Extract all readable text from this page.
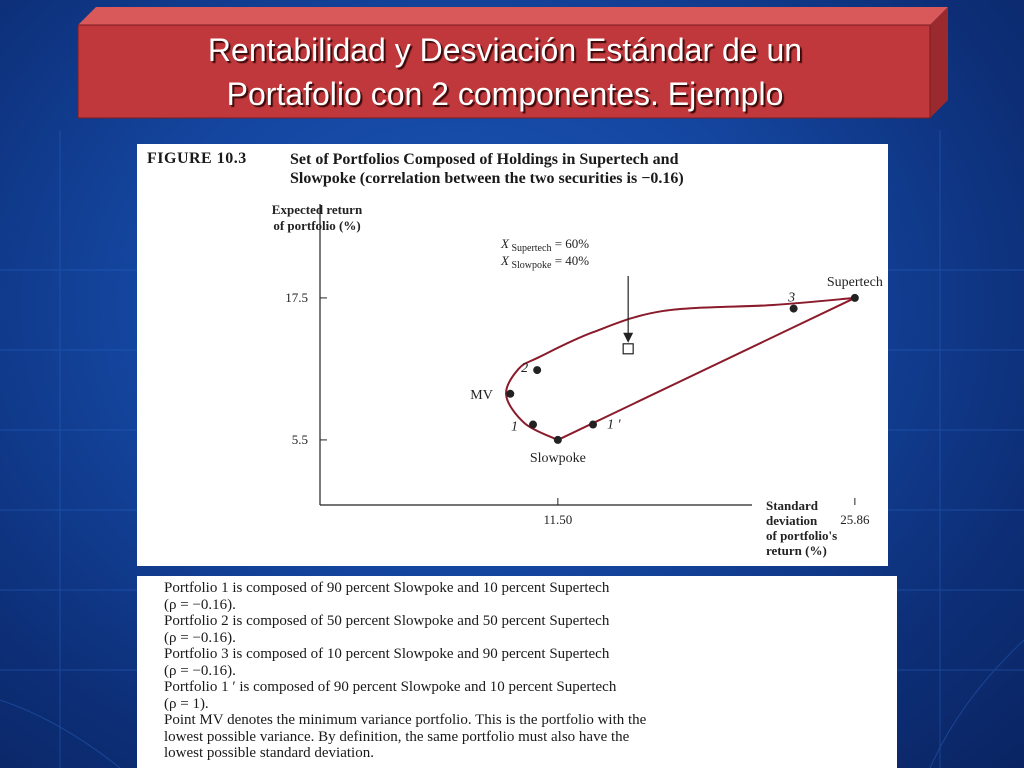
Rentabilidad y Desviación Estándar de un
Portafolio con 2 componentes. Ejemplo
FIGURE 10.3	Set of Portfolios Composed of Holdings in Supertech and
Slowpoke (correlation between the two securities is −0.16)
Expected return
of portfolio (%)
Standard
deviation
of portfolio's
return (%)
5.5
17.5
11.50	25.86
Supertech
3
2
MV
1	1 '
Slowpoke
X $_{Supertech}$ = 60%
X $_{Slowpoke}$ = 40%
Portfolio 1 is composed of 90 percent Slowpoke and 10 percent Supertech
(ρ = −0.16).
Portfolio 2 is composed of 50 percent Slowpoke and 50 percent Supertech
(ρ = −0.16).
Portfolio 3 is composed of 10 percent Slowpoke and 90 percent Supertech
(ρ = −0.16).
Portfolio 1 ′ is composed of 90 percent Slowpoke and 10 percent Supertech
(ρ = 1).
Point MV denotes the minimum variance portfolio. This is the portfolio with the
lowest possible variance. By definition, the same portfolio must also have the
lowest possible standard deviation.
